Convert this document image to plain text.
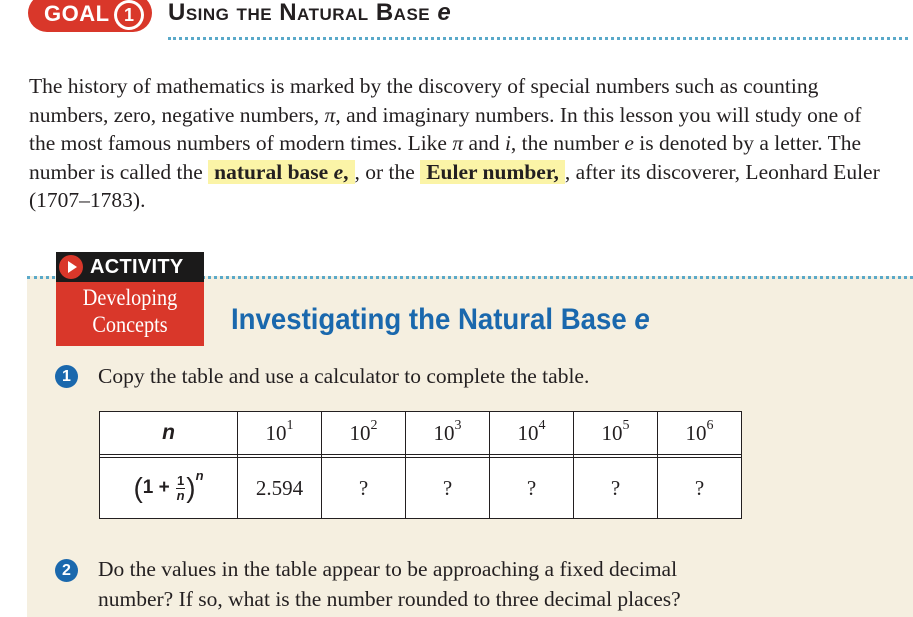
GOAL 1 Using the Natural Base e
The history of mathematics is marked by the discovery of special numbers such as counting numbers, zero, negative numbers, π, and imaginary numbers. In this lesson you will study one of the most famous numbers of modern times. Like π and i, the number e is denoted by a letter. The number is called the natural base e, , or the Euler number, , after its discoverer, Leonhard Euler (1707–1783).
ACTIVITY
Developing
Concepts	Investigating the Natural Base e
1	Copy the table and use a calculator to complete the table.
n	$10^1$	$10^2$	$10^3$	$10^4$	$10^5$	$10^6$

$(1 + \frac{1}{n} )^n$	2.594	?	?	?	?	?
2	Do the values in the table appear to be approaching a fixed decimal
number? If so, what is the number rounded to three decimal places?
